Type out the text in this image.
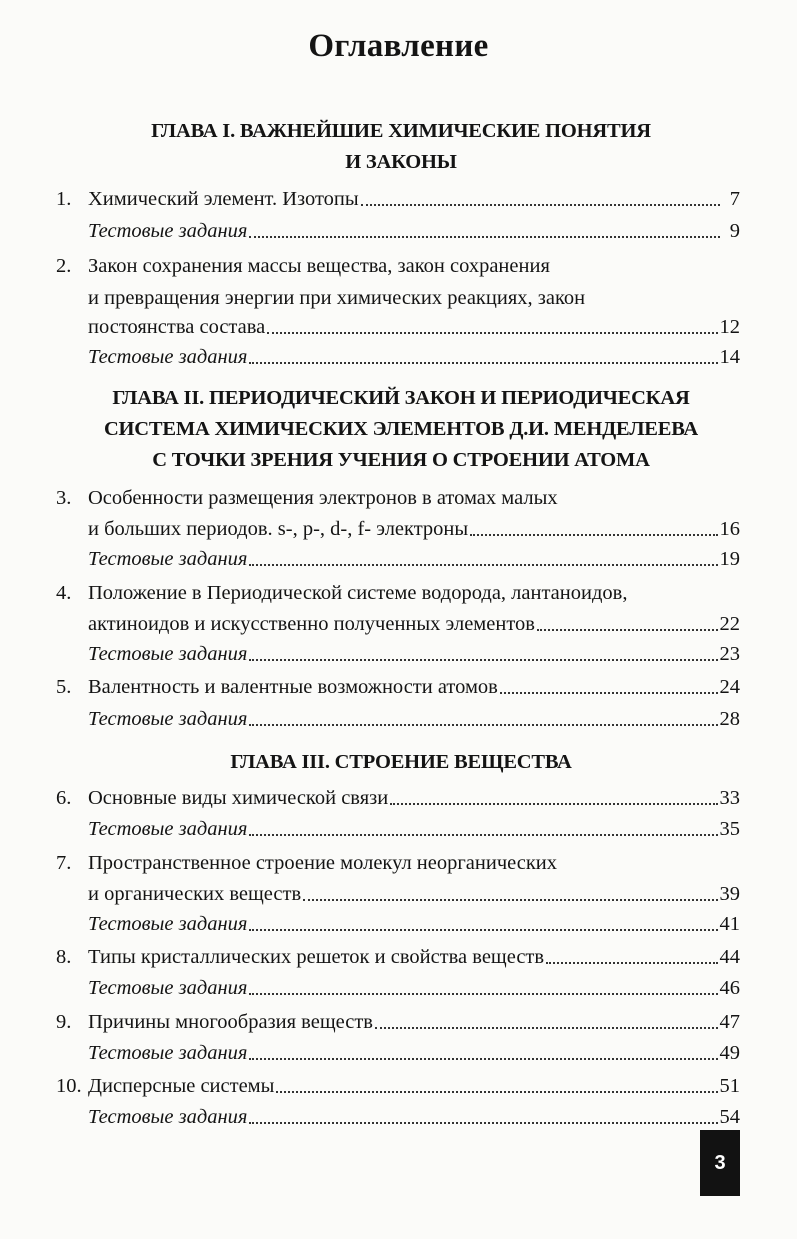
Оглавление
ГЛАВА I. ВАЖНЕЙШИЕ ХИМИЧЕСКИЕ ПОНЯТИЯ
И ЗАКОНЫ
1. Химический элемент. Изотопы	7
Тестовые задания	9
2. Закон сохранения массы вещества, закон сохранения
и превращения энергии при химических реакциях, закон
постоянства состава	12
Тестовые задания	14
ГЛАВА II. ПЕРИОДИЧЕСКИЙ ЗАКОН И ПЕРИОДИЧЕСКАЯ
СИСТЕМА ХИМИЧЕСКИХ ЭЛЕМЕНТОВ Д.И. МЕНДЕЛЕЕВА
С ТОЧКИ ЗРЕНИЯ УЧЕНИЯ О СТРОЕНИИ АТОМА
3. Особенности размещения электронов в атомах малых
и больших периодов. s-, p-, d-, f- электроны	16
Тестовые задания	19
4. Положение в Периодической системе водорода, лантаноидов,
актиноидов и искусственно полученных элементов	22
Тестовые задания	23
5. Валентность и валентные возможности атомов	24
Тестовые задания	28
ГЛАВА III. СТРОЕНИЕ ВЕЩЕСТВА
6. Основные виды химической связи	33
Тестовые задания	35
7. Пространственное строение молекул неорганических
и органических веществ	39
Тестовые задания	41
8. Типы кристаллических решеток и свойства веществ	44
Тестовые задания	46
9. Причины многообразия веществ	47
Тестовые задания	49
10. Дисперсные системы	51
Тестовые задания	54
3
